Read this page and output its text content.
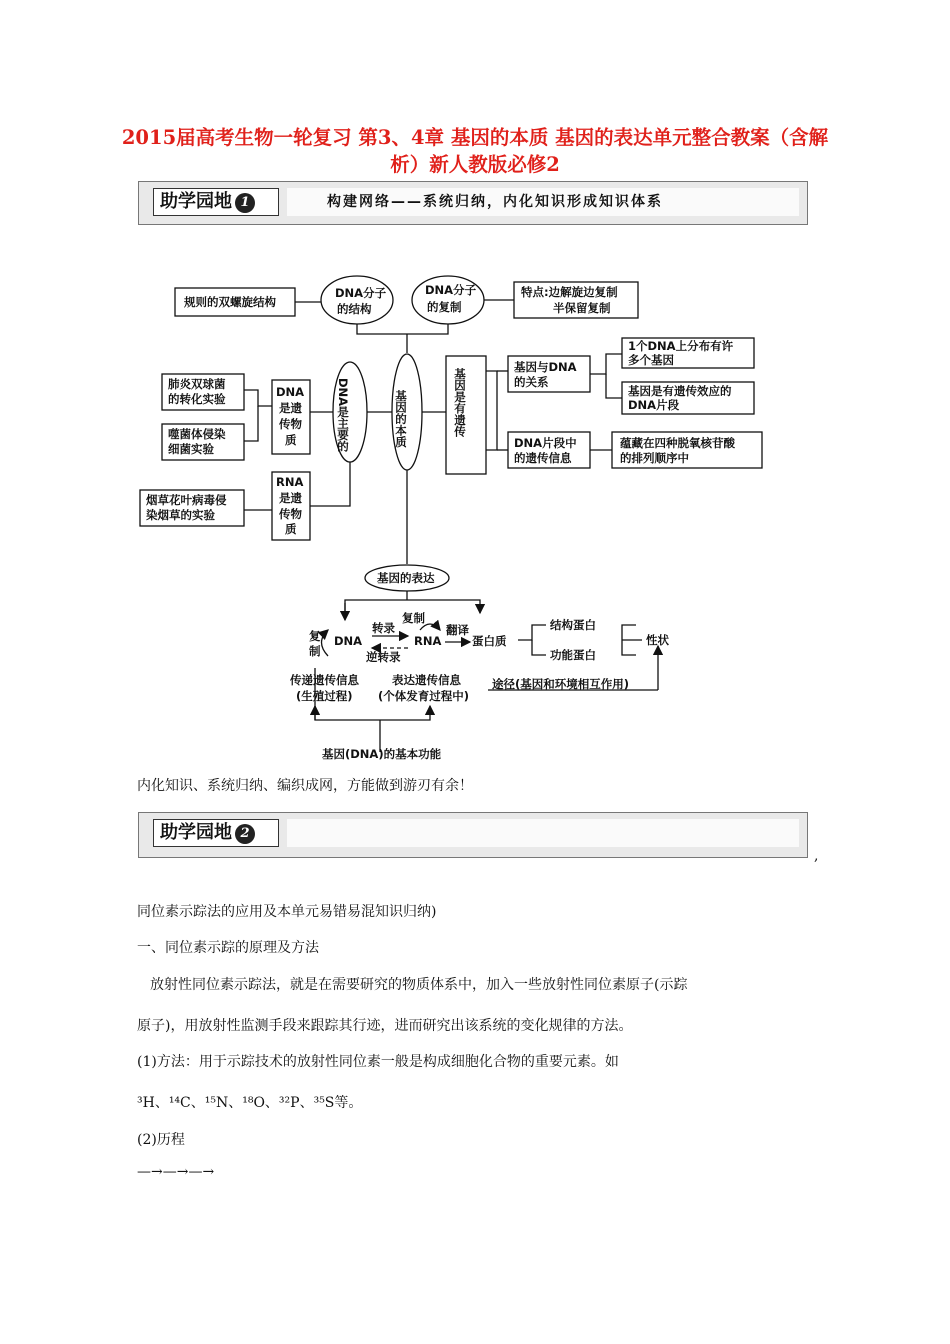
2015届高考生物一轮复习 第3、4章 基因的本质 基因的表达单元整合教案（含解析）新人教版必修2
助学园地 1	构建网络——系统归纳，内化知识形成知识体系
规则的双螺旋结构
DNA分子
的结构
DNA分子
的复制
特点:边解旋边复制
半保留复制
基因的本质	基因是有遗传
基因与DNA
的关系
DNA片段中
的遗传信息
1个DNA上分布有许
多个基因
基因是有遗传效应的
DNA片段
蕴藏在四种脱氧核苷酸
的排列顺序中
DNA是主要的
DNA
是遗
传物
质
RNA
是遗
传物
质
肺炎双球菌
的转化实验
噬菌体侵染
细菌实验
烟草花叶病毒侵
染烟草的实验
基因的表达
复制
转录	翻译
DNA	RNA	蛋白质
逆转录
复
制
结构蛋白
功能蛋白
性状
传递遗传信息
(生殖过程)
表达遗传信息
(个体发育过程中)
途径(基因和环境相互作用)
基因(DNA)的基本功能
内化知识、系统归纳、编织成网，方能做到游刃有余！
助学园地 2
,
同位素示踪法的应用及本单元易错易混知识归纳)
一、同位素示踪的原理及方法
放射性同位素示踪法，就是在需要研究的物质体系中，加入一些放射性同位素原子(示踪
原子)，用放射性监测手段来跟踪其行迹，进而研究出该系统的变化规律的方法。
(1)方法：用于示踪技术的放射性同位素一般是构成细胞化合物的重要元素。如
³H、¹⁴C、¹⁵N、¹⁸O、³²P、³⁵S等。
(2)历程
—→—→—→
